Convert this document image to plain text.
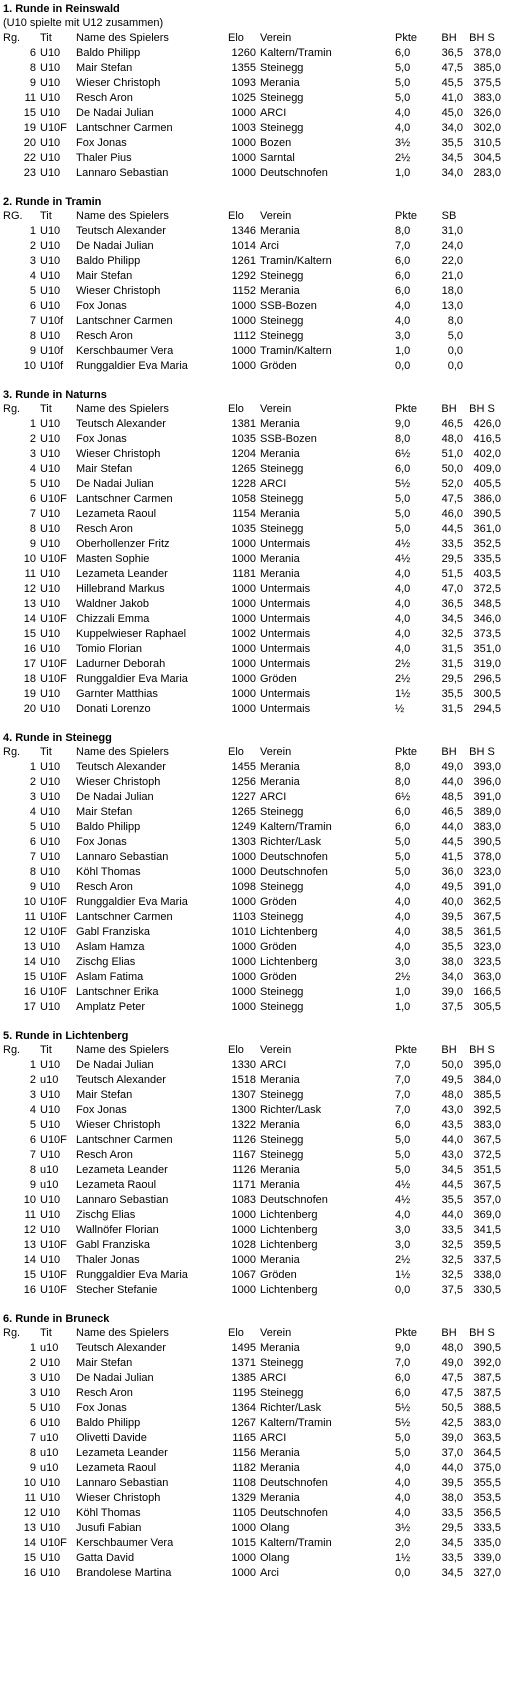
1. Runde in Reinswald
(U10 spielte mit U12 zusammen)
Rg.	Tit	Name des Spielers	Elo	Verein	Pkte	BH	BH S
6 U10	Baldo Philipp	1260 Kaltern/Tramin	6,0	36,5 378,0
8 U10	Mair Stefan	1355 Steinegg	5,0	47,5 385,0
9 U10	Wieser Christoph	1093 Merania	5,0	45,5 375,5
11 U10	Resch Aron	1025 Steinegg	5,0	41,0 383,0
15 U10	De Nadai Julian	1000 ARCI	4,0	45,0 326,0
19 U10F Lantschner Carmen	1003 Steinegg	4,0	34,0 302,0
20 U10	Fox Jonas	1000 Bozen	3½	35,5 310,5
22 U10	Thaler Pius	1000 Sarntal	2½	34,5 304,5
23 U10	Lannaro Sebastian	1000 Deutschnofen	1,0	34,0 283,0
2. Runde in Tramin
RG.	Tit	Name des Spielers	Elo	Verein	Pkte	SB
1 U10	Teutsch Alexander	1346 Merania	8,0	31,0
2 U10	De Nadai Julian	1014 Arci	7,0	24,0
3 U10	Baldo Philipp	1261 Tramin/Kaltern	6,0	22,0
4 U10	Mair Stefan	1292 Steinegg	6,0	21,0
5 U10	Wieser Christoph	1152 Merania	6,0	18,0
6 U10	Fox Jonas	1000 SSB-Bozen	4,0	13,0
7 U10f	Lantschner Carmen	1000 Steinegg	4,0	8,0
8 U10	Resch Aron	1112 Steinegg	3,0	5,0
9 U10f	Kerschbaumer Vera	1000 Tramin/Kaltern	1,0	0,0
10 U10f	Runggaldier Eva Maria	1000 Gröden	0,0	0,0
3. Runde in Naturns
Rg.	Tit	Name des Spielers	Elo	Verein	Pkte	BH	BH S
1 U10	Teutsch Alexander	1381 Merania	9,0	46,5 426,0
2 U10	Fox Jonas	1035 SSB-Bozen	8,0	48,0 416,5
3 U10	Wieser Christoph	1204 Merania	6½	51,0 402,0
4 U10	Mair Stefan	1265 Steinegg	6,0	50,0 409,0
5 U10	De Nadai Julian	1228 ARCI	5½	52,0 405,5
6 U10F Lantschner Carmen	1058 Steinegg	5,0	47,5 386,0
7 U10	Lezameta Raoul	1154 Merania	5,0	46,0 390,5
8 U10	Resch Aron	1035 Steinegg	5,0	44,5 361,0
9 U10	Oberhollenzer Fritz	1000 Untermais	4½	33,5 352,5
10 U10F Masten Sophie	1000 Merania	4½	29,5 335,5
11 U10	Lezameta Leander	1181 Merania	4,0	51,5 403,5
12 U10	Hillebrand Markus	1000 Untermais	4,0	47,0 372,5
13 U10	Waldner Jakob	1000 Untermais	4,0	36,5 348,5
14 U10F Chizzali Emma	1000 Untermais	4,0	34,5 346,0
15 U10	Kuppelwieser Raphael	1002 Untermais	4,0	32,5 373,5
16 U10	Tomio Florian	1000 Untermais	4,0	31,5 351,0
17 U10F Ladurner Deborah	1000 Untermais	2½	31,5 319,0
18 U10F Runggaldier Eva Maria	1000 Gröden	2½	29,5 296,5
19 U10	Garnter Matthias	1000 Untermais	1½	35,5 300,5
20 U10	Donati Lorenzo	1000 Untermais	½	31,5 294,5
4. Runde in Steinegg
Rg.	Tit	Name des Spielers	Elo	Verein	Pkte	BH	BH S
1 U10	Teutsch Alexander	1455 Merania	8,0	49,0 393,0
2 U10	Wieser Christoph	1256 Merania	8,0	44,0 396,0
3 U10	De Nadai Julian	1227 ARCI	6½	48,5 391,0
4 U10	Mair Stefan	1265 Steinegg	6,0	46,5 389,0
5 U10	Baldo Philipp	1249 Kaltern/Tramin	6,0	44,0 383,0
6 U10	Fox Jonas	1303 Richter/Lask	5,0	44,5 390,5
7 U10	Lannaro Sebastian	1000 Deutschnofen	5,0	41,5 378,0
8 U10	Köhl Thomas	1000 Deutschnofen	5,0	36,0 323,0
9 U10	Resch Aron	1098 Steinegg	4,0	49,5 391,0
10 U10F Runggaldier Eva Maria	1000 Gröden	4,0	40,0 362,5
11 U10F Lantschner Carmen	1103 Steinegg	4,0	39,5 367,5
12 U10F Gabl Franziska	1010 Lichtenberg	4,0	38,5 361,5
13 U10	Aslam Hamza	1000 Gröden	4,0	35,5 323,0
14 U10	Zischg Elias	1000 Lichtenberg	3,0	38,0 323,5
15 U10F Aslam Fatima	1000 Gröden	2½	34,0 363,0
16 U10F Lantschner Erika	1000 Steinegg	1,0	39,0 166,5
17 U10	Amplatz Peter	1000 Steinegg	1,0	37,5 305,5
5. Runde in Lichtenberg
Rg.	Tit	Name des Spielers	Elo	Verein	Pkte	BH	BH S
1 U10	De Nadai Julian	1330 ARCI	7,0	50,0 395,0
2 u10	Teutsch Alexander	1518 Merania	7,0	49,5 384,0
3 U10	Mair Stefan	1307 Steinegg	7,0	48,0 385,5
4 U10	Fox Jonas	1300 Richter/Lask	7,0	43,0 392,5
5 U10	Wieser Christoph	1322 Merania	6,0	43,5 383,0
6 U10F Lantschner Carmen	1126 Steinegg	5,0	44,0 367,5
7 U10	Resch Aron	1167 Steinegg	5,0	43,0 372,5
8 u10	Lezameta Leander	1126 Merania	5,0	34,5 351,5
9 u10	Lezameta Raoul	1171 Merania	4½	44,5 367,5
10 U10	Lannaro Sebastian	1083 Deutschnofen	4½	35,5 357,0
11 U10	Zischg Elias	1000 Lichtenberg	4,0	44,0 369,0
12 U10	Wallnöfer Florian	1000 Lichtenberg	3,0	33,5 341,5
13 U10F Gabl Franziska	1028 Lichtenberg	3,0	32,5 359,5
14 U10	Thaler Jonas	1000 Merania	2½	32,5 337,5
15 U10F Runggaldier Eva Maria	1067 Gröden	1½	32,5 338,0
16 U10F Stecher Stefanie	1000 Lichtenberg	0,0	37,5 330,5
6. Runde in Bruneck
Rg.	Tit	Name des Spielers	Elo	Verein	Pkte	BH	BH S
1 u10	Teutsch Alexander	1495 Merania	9,0	48,0 390,5
2 U10	Mair Stefan	1371 Steinegg	7,0	49,0 392,0
3 U10	De Nadai Julian	1385 ARCI	6,0	47,5 387,5
3 U10	Resch Aron	1195 Steinegg	6,0	47,5 387,5
5 U10	Fox Jonas	1364 Richter/Lask	5½	50,5 388,5
6 U10	Baldo Philipp	1267 Kaltern/Tramin	5½	42,5 383,0
7 u10	Olivetti Davide	1165 ARCI	5,0	39,0 363,5
8 u10	Lezameta Leander	1156 Merania	5,0	37,0 364,5
9 u10	Lezameta Raoul	1182 Merania	4,0	44,0 375,0
10 U10	Lannaro Sebastian	1108 Deutschnofen	4,0	39,5 355,5
11 U10	Wieser Christoph	1329 Merania	4,0	38,0 353,5
12 U10	Köhl Thomas	1105 Deutschnofen	4,0	33,5 356,5
13 U10	Jusufi Fabian	1000 Olang	3½	29,5 333,5
14 U10F Kerschbaumer Vera	1015 Kaltern/Tramin	2,0	34,5 335,0
15 U10	Gatta David	1000 Olang	1½	33,5 339,0
16 U10	Brandolese Martina	1000 Arci	0,0	34,5 327,0
